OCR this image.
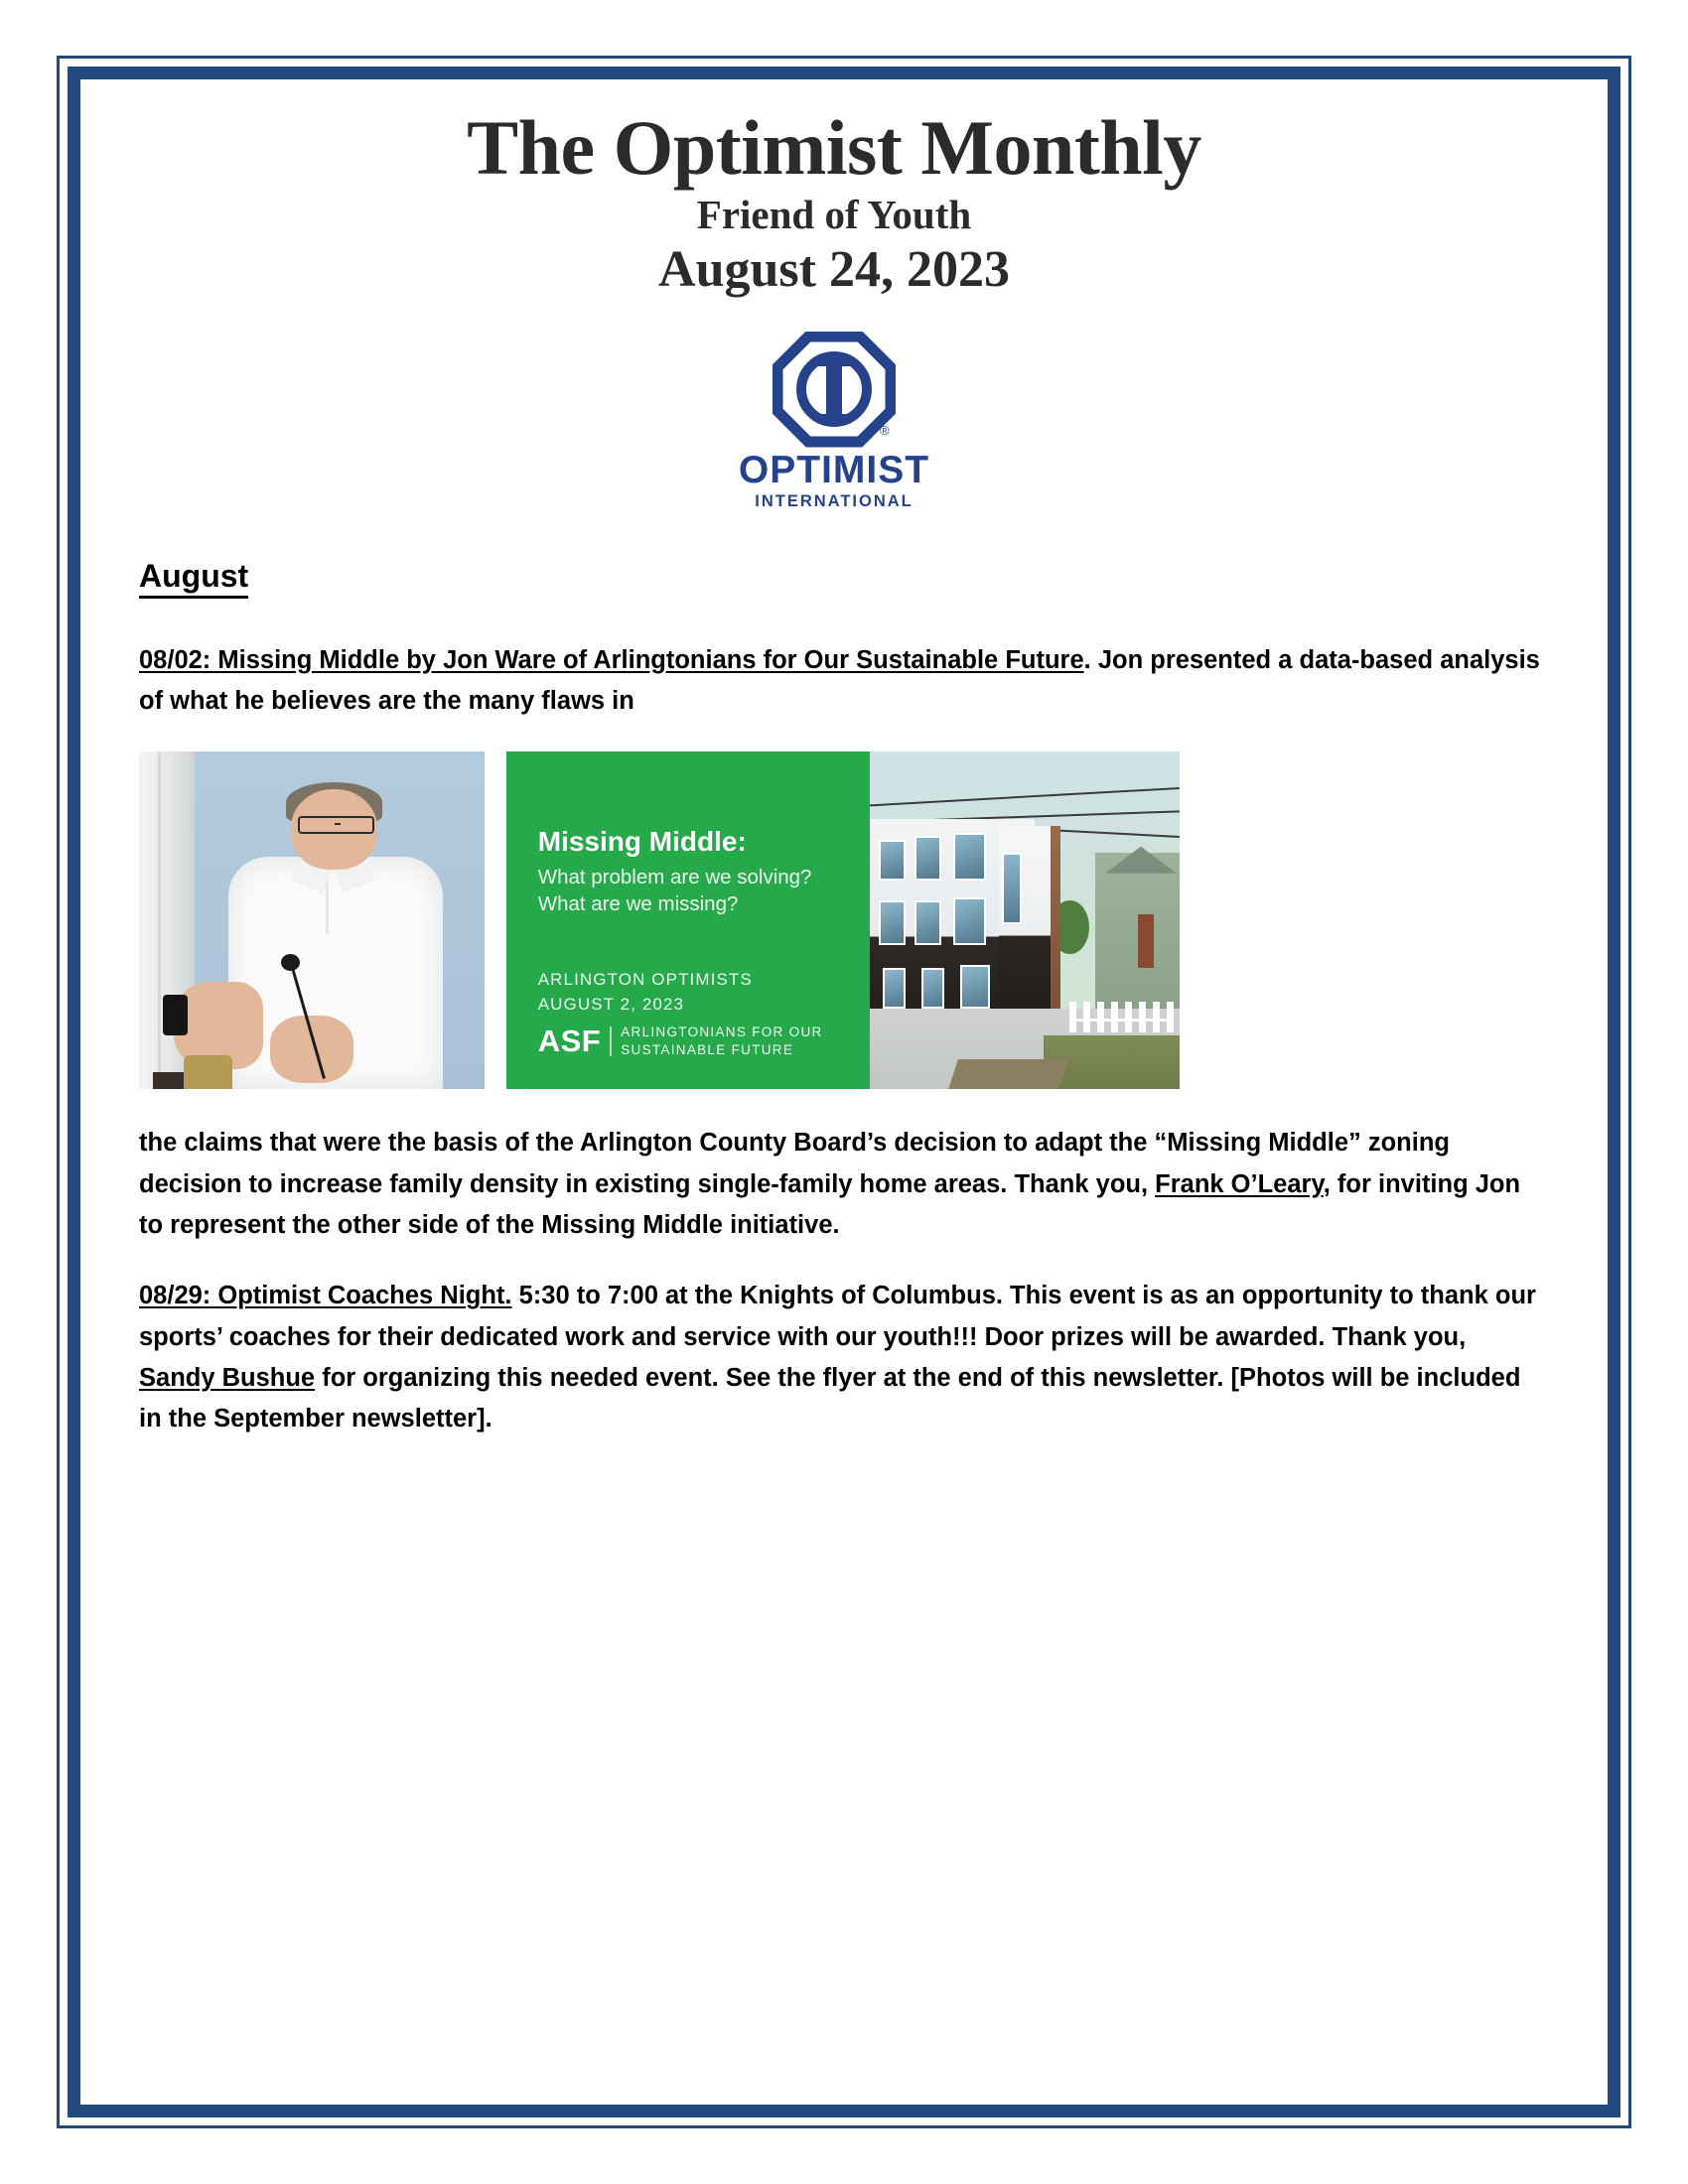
The Optimist Monthly
Friend of Youth
August 24, 2023
®
OPTIMIST
INTERNATIONAL
August

08/02: Missing Middle by Jon Ware of Arlingtonians for Our Sustainable Future. Jon presented a data-based analysis of what he believes are the many flaws in

Missing Middle:
What problem are we solving?
What are we missing?
ARLINGTON OPTIMISTS
AUGUST 2, 2023
ASF ARLINGTONIANS FOR OUR
SUSTAINABLE FUTURE

the claims that were the basis of the Arlington County Board’s decision to adapt the “Missing Middle” zoning decision to increase family density in existing single-family home areas. Thank you, Frank O’Leary, for inviting Jon to represent the other side of the Missing Middle initiative.

08/29: Optimist Coaches Night. 5:30 to 7:00 at the Knights of Columbus. This event is as an opportunity to thank our sports’ coaches for their dedicated work and service with our youth!!! Door prizes will be awarded. Thank you, Sandy Bushue for organizing this needed event. See the flyer at the end of this newsletter. [Photos will be included in the September newsletter].
